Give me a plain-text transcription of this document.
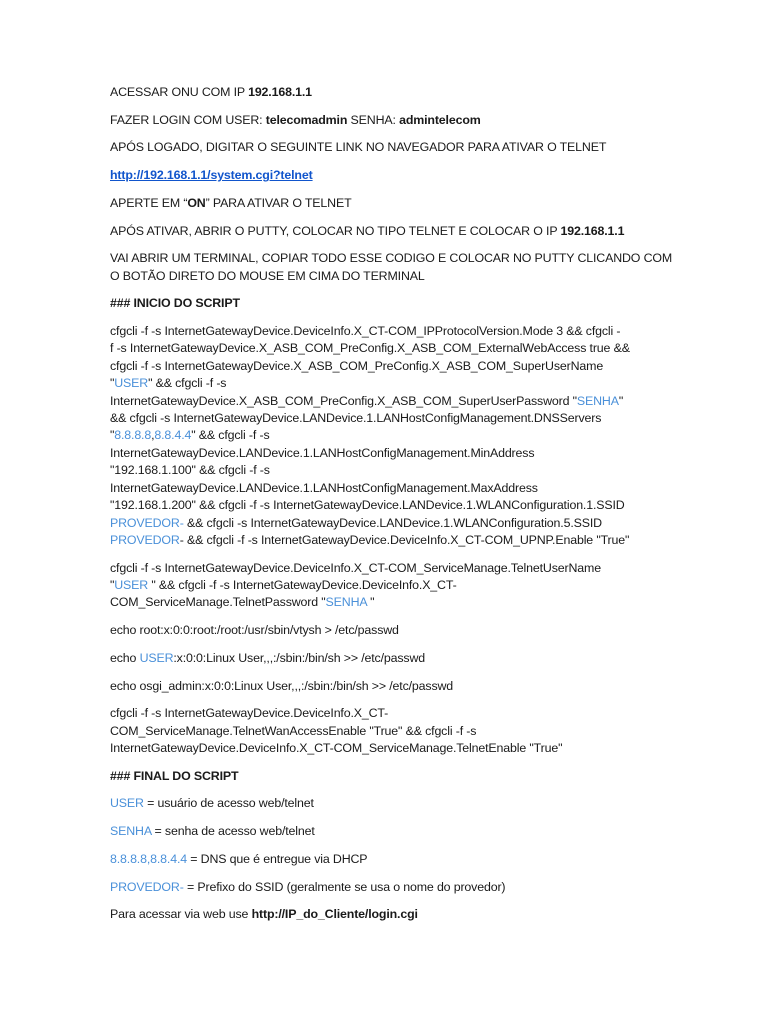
ACESSAR ONU COM IP 192.168.1.1

FAZER LOGIN COM USER: telecomadmin SENHA: admintelecom

APÓS LOGADO, DIGITAR O SEGUINTE LINK NO NAVEGADOR PARA ATIVAR O TELNET

http://192.168.1.1/system.cgi?telnet

APERTE EM “ON” PARA ATIVAR O TELNET

APÓS ATIVAR, ABRIR O PUTTY, COLOCAR NO TIPO TELNET E COLOCAR O IP 192.168.1.1

VAI ABRIR UM TERMINAL, COPIAR TODO ESSE CODIGO E COLOCAR NO PUTTY CLICANDO COM
O BOTÃO DIRETO DO MOUSE EM CIMA DO TERMINAL

### INICIO DO SCRIPT

cfgcli -f -s InternetGatewayDevice.DeviceInfo.X_CT-COM_IPProtocolVersion.Mode 3 && cfgcli -
f -s InternetGatewayDevice.X_ASB_COM_PreConfig.X_ASB_COM_ExternalWebAccess true &&
cfgcli -f -s InternetGatewayDevice.X_ASB_COM_PreConfig.X_ASB_COM_SuperUserName
"USER" && cfgcli -f -s
InternetGatewayDevice.X_ASB_COM_PreConfig.X_ASB_COM_SuperUserPassword "SENHA"
&& cfgcli -s InternetGatewayDevice.LANDevice.1.LANHostConfigManagement.DNSServers
"8.8.8.8,8.8.4.4" && cfgcli -f -s
InternetGatewayDevice.LANDevice.1.LANHostConfigManagement.MinAddress
"192.168.1.100" && cfgcli -f -s
InternetGatewayDevice.LANDevice.1.LANHostConfigManagement.MaxAddress
"192.168.1.200" && cfgcli -f -s InternetGatewayDevice.LANDevice.1.WLANConfiguration.1.SSID
PROVEDOR- && cfgcli -s InternetGatewayDevice.LANDevice.1.WLANConfiguration.5.SSID
PROVEDOR- && cfgcli -f -s InternetGatewayDevice.DeviceInfo.X_CT-COM_UPNP.Enable "True"

cfgcli -f -s InternetGatewayDevice.DeviceInfo.X_CT-COM_ServiceManage.TelnetUserName
"USER " && cfgcli -f -s InternetGatewayDevice.DeviceInfo.X_CT-
COM_ServiceManage.TelnetPassword "SENHA "

echo root:x:0:0:root:/root:/usr/sbin/vtysh > /etc/passwd

echo USER:x:0:0:Linux User,,,:/sbin:/bin/sh >> /etc/passwd

echo osgi_admin:x:0:0:Linux User,,,:/sbin:/bin/sh >> /etc/passwd

cfgcli -f -s InternetGatewayDevice.DeviceInfo.X_CT-
COM_ServiceManage.TelnetWanAccessEnable "True" && cfgcli -f -s
InternetGatewayDevice.DeviceInfo.X_CT-COM_ServiceManage.TelnetEnable "True"

### FINAL DO SCRIPT

USER = usuário de acesso web/telnet

SENHA = senha de acesso web/telnet

8.8.8.8,8.8.4.4 = DNS que é entregue via DHCP

PROVEDOR- = Prefixo do SSID (geralmente se usa o nome do provedor)

Para acessar via web use http://IP_do_Cliente/login.cgi
